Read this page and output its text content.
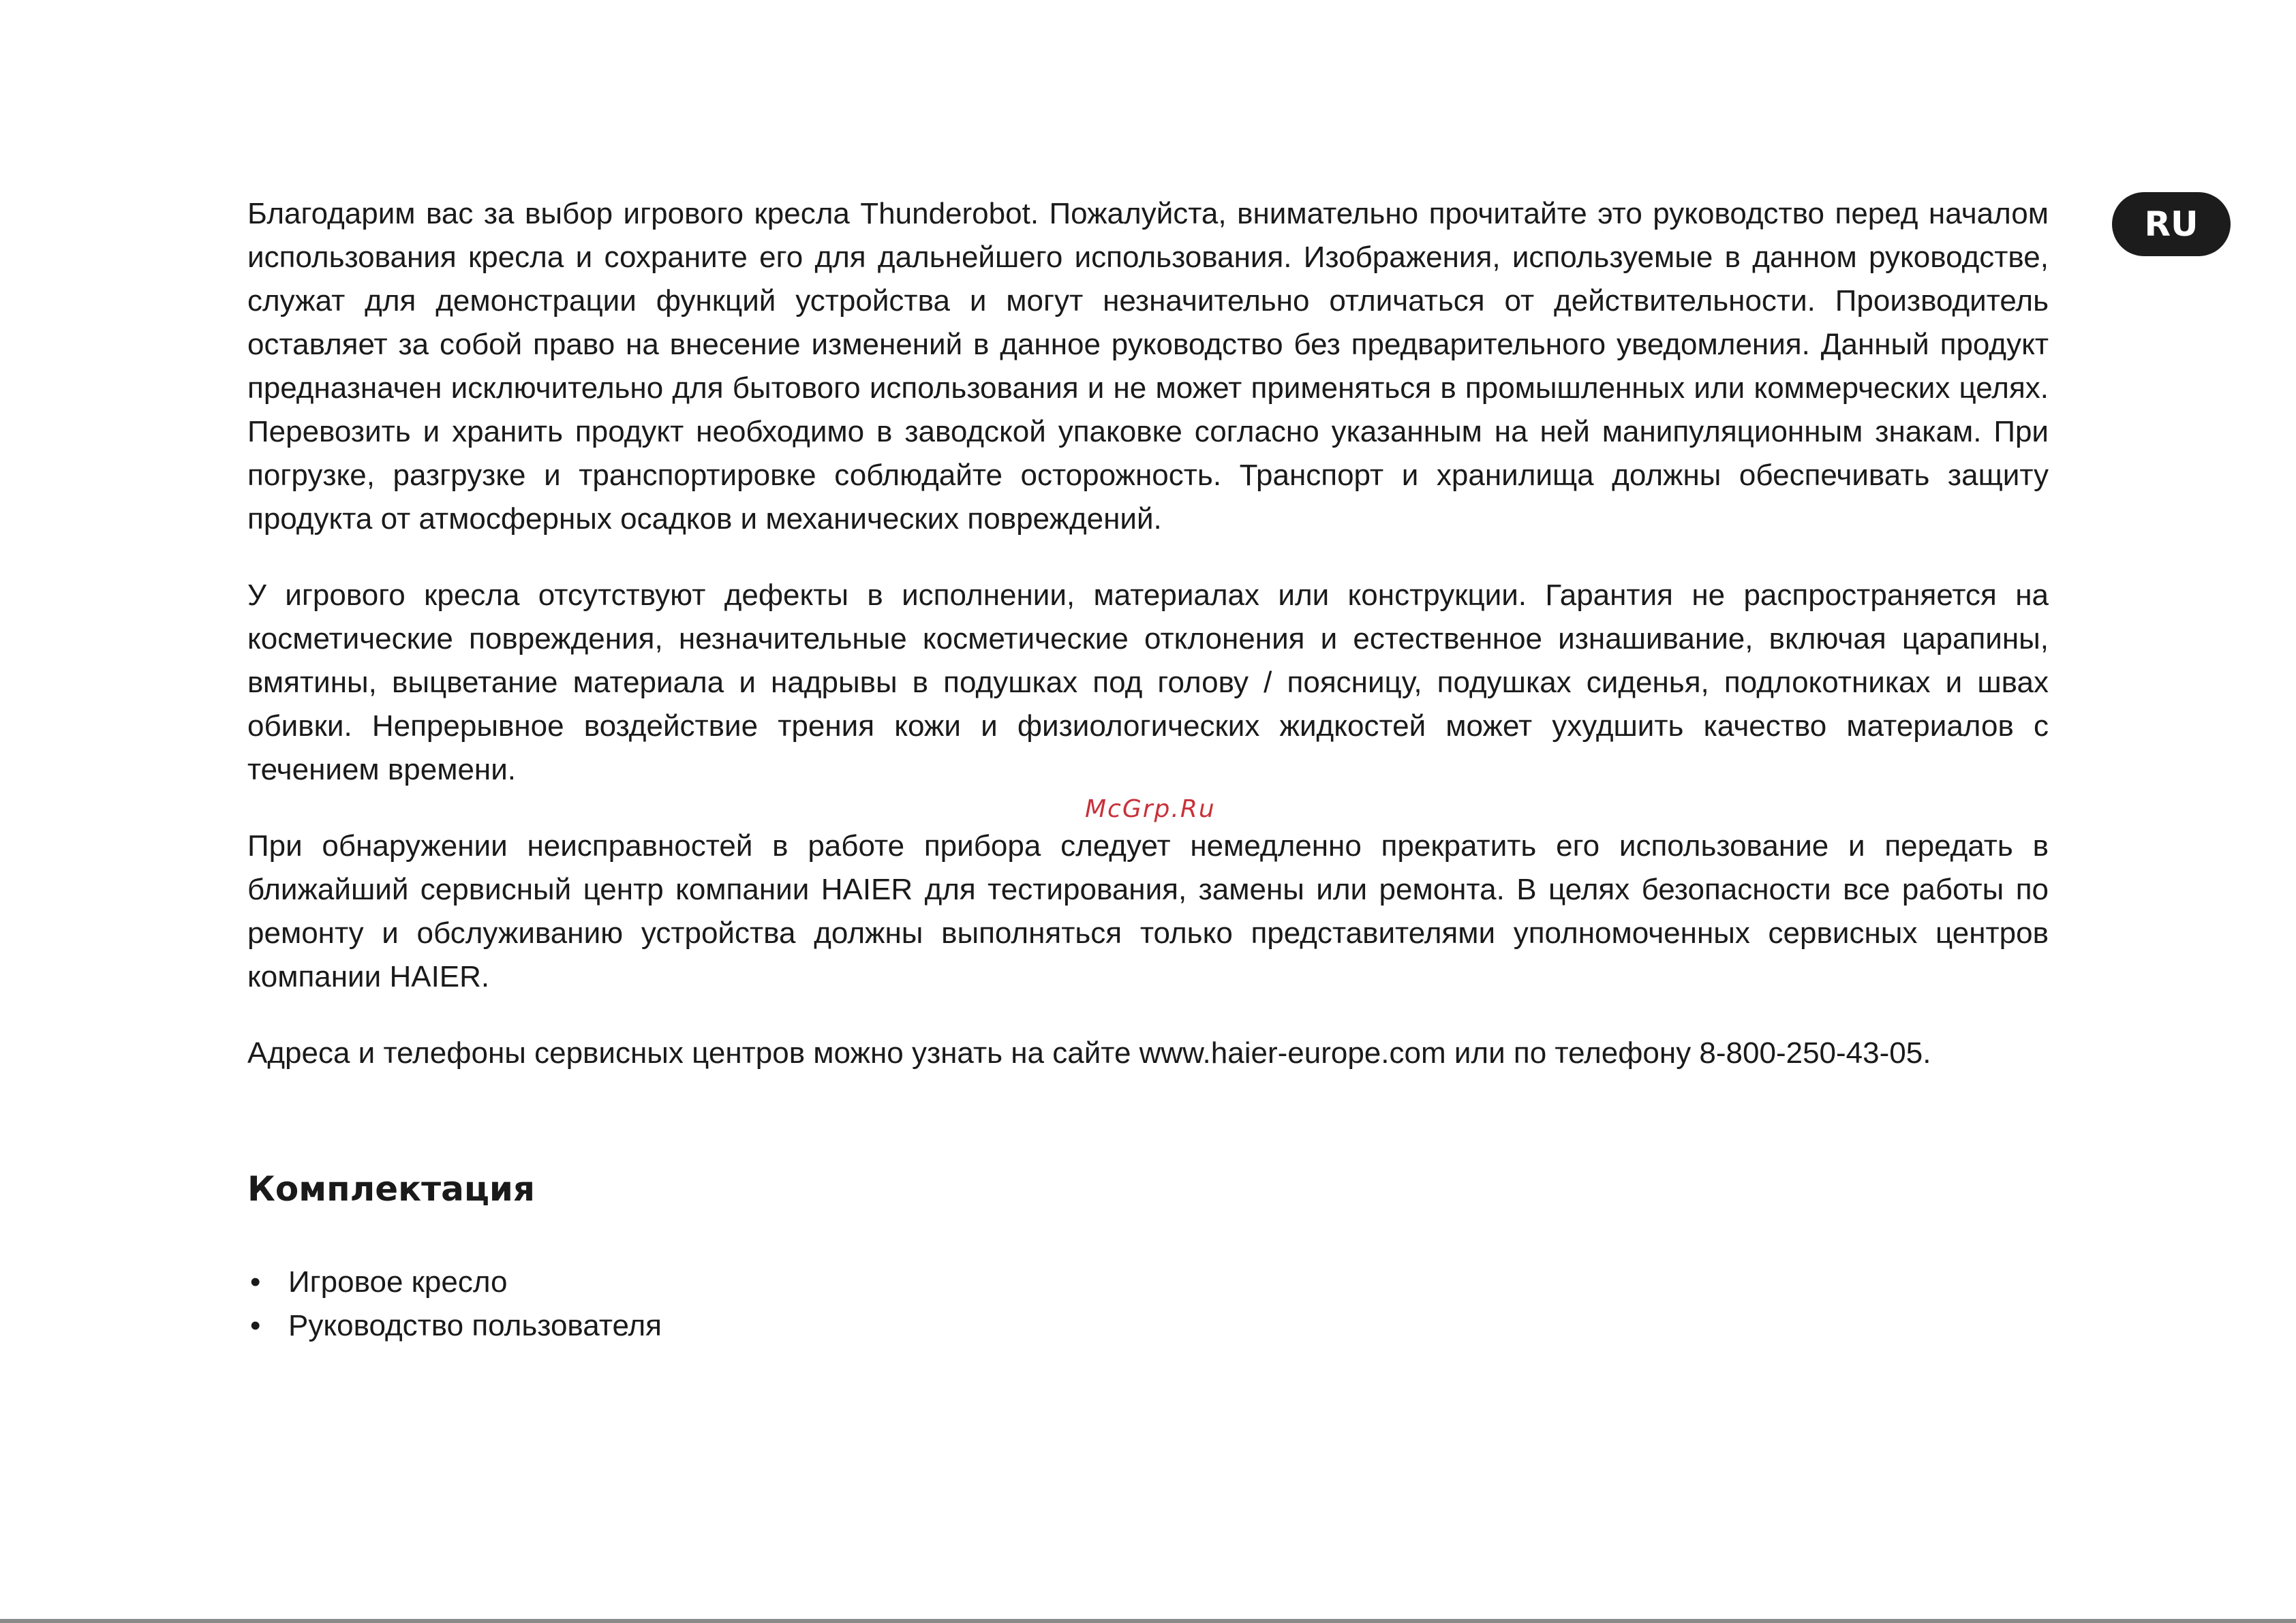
RU

Благодарим вас за выбор игрового кресла Thunderobot. Пожалуйста, внимательно прочитайте это руководство перед началом использования кресла и сохраните его для дальнейшего использования. Изображения, используемые в данном руководстве, служат для демонстрации функций устройства и могут незначительно отличаться от действительности. Производитель оставляет за собой право на внесение изменений в данное руководство без предварительного уведомления. Данный продукт предназначен исключительно для бытового использования и не может применяться в промышленных или коммерческих целях. Перевозить и хранить продукт необходимо в заводской упаковке согласно указанным на ней манипуляционным знакам. При погрузке, разгрузке и транспортировке соблюдайте осторожность. Транспорт и хранилища должны обеспечивать защиту продукта от атмосферных осадков и механических повреждений.

У игрового кресла отсутствуют дефекты в исполнении, материалах или конструкции. Гарантия не распространяется на косметические повреждения, незначительные косметические отклонения и естественное изнашивание, включая царапины, вмятины, выцветание материала и надрывы в подушках под голову / поясницу, подушках сиденья, подлокотниках и швах обивки. Непрерывное воздействие трения кожи и физиологических жидкостей может ухудшить качество материалов с течением времени.

При обнаружении неисправностей в работе прибора следует немедленно прекратить его использование и передать в ближайший сервисный центр компании HAIER для тестирования, замены или ремонта. В целях безопасности все работы по ремонту и обслуживанию устройства должны выполняться только представителями уполномоченных сервисных центров компании HAIER.

Адреса и телефоны сервисных центров можно узнать на сайте www.haier-europe.com или по телефону 8-800-250-43-05.

McGrp.Ru
Комплектация
• Игровое кресло
• Руководство пользователя
